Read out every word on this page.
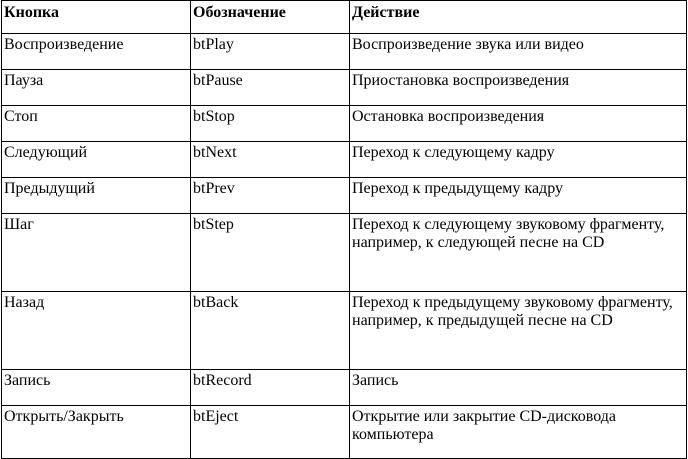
Кнопка	Обозначение	Действие
Воспроизведение	btPlay	Воспроизведение звука или видео
Пауза	btPause	Приостановка воспроизведения
Стоп	btStop	Остановка воспроизведения
Следующий	btNext	Переход к следующему кадру
Предыдущий	btPrev	Переход к предыдущему кадру
Шаг	btStep	Переход к следующему звуковому фрагменту, например, к следующей песне на CD
Назад	btBack	Переход к предыдущему звуковому фрагменту, например, к предыдущей песне на CD
Запись	btRecord	Запись
Открыть/Закрыть	btEject	Открытие или закрытие CD-дисковода компьютера
